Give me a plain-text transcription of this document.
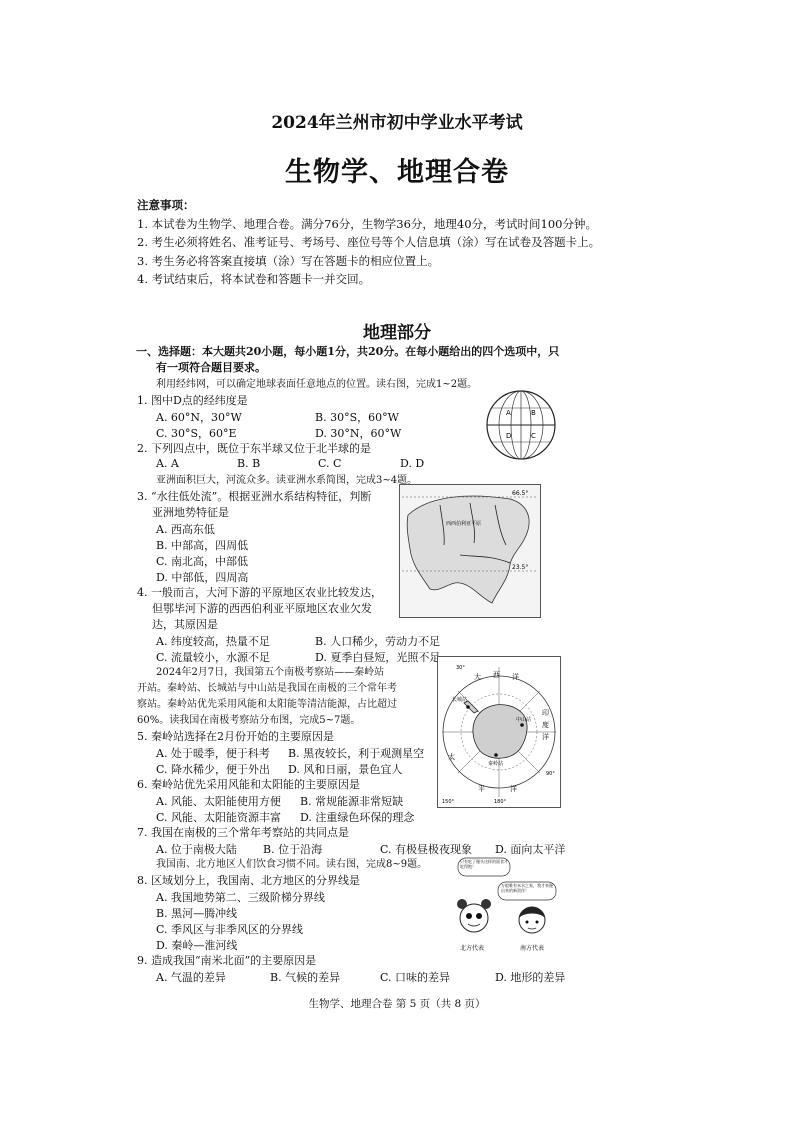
2024年兰州市初中学业水平考试
生物学、地理合卷
注意事项：
1. 本试卷为生物学、地理合卷。满分76分，生物学36分，地理40分，考试时间100分钟。
2. 考生必须将姓名、准考证号、考场号、座位号等个人信息填（涂）写在试卷及答题卡上。
3. 考生务必将答案直接填（涂）写在答题卡的相应位置上。
4. 考试结束后，将本试卷和答题卡一并交回。
地理部分
一、选择题：本大题共20小题，每小题1分，共20分。在每小题给出的四个选项中，只
有一项符合题目要求。
利用经纬网，可以确定地球表面任意地点的位置。读右图，完成1~2题。
1. 图中D点的经纬度是
A. 60°N，30°W	B. 30°S，60°W
C. 30°S，60°E	D. 30°N，60°W
2. 下列四点中，既位于东半球又位于北半球的是
A. A	B. B	C. C	D. D
A	B
C
D
亚洲面积巨大，河流众多。读亚洲水系简图，完成3~4题。
3. “水往低处流”。根据亚洲水系结构特征，判断
亚洲地势特征是
A. 西高东低
B. 中部高，四周低
C. 南北高，中部低
D. 中部低，四周高
4. 一般而言，大河下游的平原地区农业比较发达，
但鄂毕河下游的西西伯利亚平原地区农业欠发
达，其原因是
A. 纬度较高，热量不足	B. 人口稀少，劳动力不足
C. 流量较小，水源不足	D. 夏季白昼短，光照不足
66.5°
23.5°
西西伯利亚平原
2024年2月7日，我国第五个南极考察站——秦岭站
开站。秦岭站、长城站与中山站是我国在南极的三个常年考
察站。秦岭站优先采用风能和太阳能等清洁能源，占比超过
60%。读我国在南极考察站分布图，完成5~7题。
5. 秦岭站选择在2月份开始的主要原因是
A. 处于暖季，便于科考 B. 黑夜较长，利于观测星空
C. 降水稀少，便于外出 D. 风和日丽，景色宜人
6. 秦岭站优先采用风能和太阳能的主要原因是
A. 风能、太阳能使用方便 B. 常规能源非常短缺
C. 风能、太阳能资源丰富 D. 注重绿色环保的理念
大 西 洋
印
度
洋
太
平	洋
长城站
秦岭站
中山站
30°
150°	180°
90°
7. 我国在南极的三个常年考察站的共同点是
A. 位于南极大陆 B. 位于沿海	C. 有极昼极夜现象 D. 面向太平洋
我国南、北方地区人们饮食习惯不同。读右图，完成8~9题。
8. 区域划分上，我国南、北方地区的分界线是
A. 我国地势第二、三级阶梯分界线
B. 黑河—腾冲线
C. 季风区与非季风区的分界线
D. 秦岭—淮河线
只有吃了馒头这样的面食才吃得饱！
万般唯有米水之家，我才来馒出来的新贺伴！
北方代表	南方代表
9. 造成我国“南米北面”的主要原因是
A. 气温的差异	B. 气候的差异	C. 口味的差异	D. 地形的差异
生物学、地理合卷 第 5 页（共 8 页）
